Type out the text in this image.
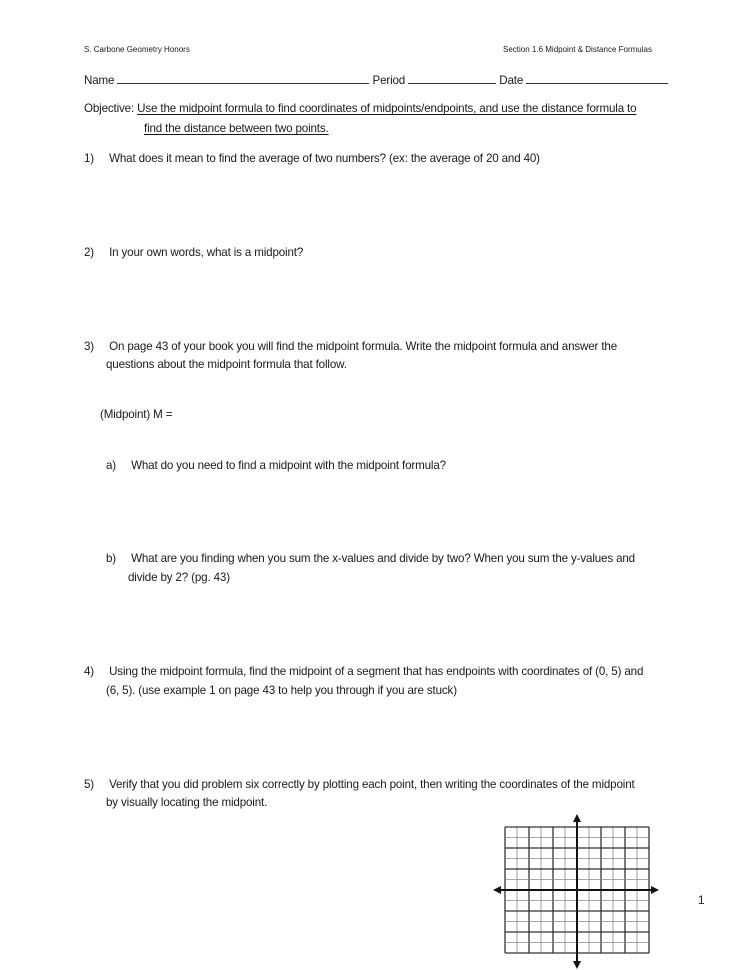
S. Carbone Geometry Honors	Section 1.6 Midpoint & Distance Formulas
Name	Period	Date
Objective: Use the midpoint formula to find coordinates of midpoints/endpoints, and use the distance formula to
find the distance between two points.
1) What does it mean to find the average of two numbers? (ex: the average of 20 and 40)
2) In your own words, what is a midpoint?
3) On page 43 of your book you will find the midpoint formula. Write the midpoint formula and answer the
questions about the midpoint formula that follow.
(Midpoint) M =
a) What do you need to find a midpoint with the midpoint formula?
b) What are you finding when you sum the x-values and divide by two? When you sum the y-values and
divide by 2? (pg. 43)
4) Using the midpoint formula, find the midpoint of a segment that has endpoints with coordinates of (0, 5) and
(6, 5). (use example 1 on page 43 to help you through if you are stuck)
5) Verify that you did problem six correctly by plotting each point, then writing the coordinates of the midpoint
by visually locating the midpoint.
1
